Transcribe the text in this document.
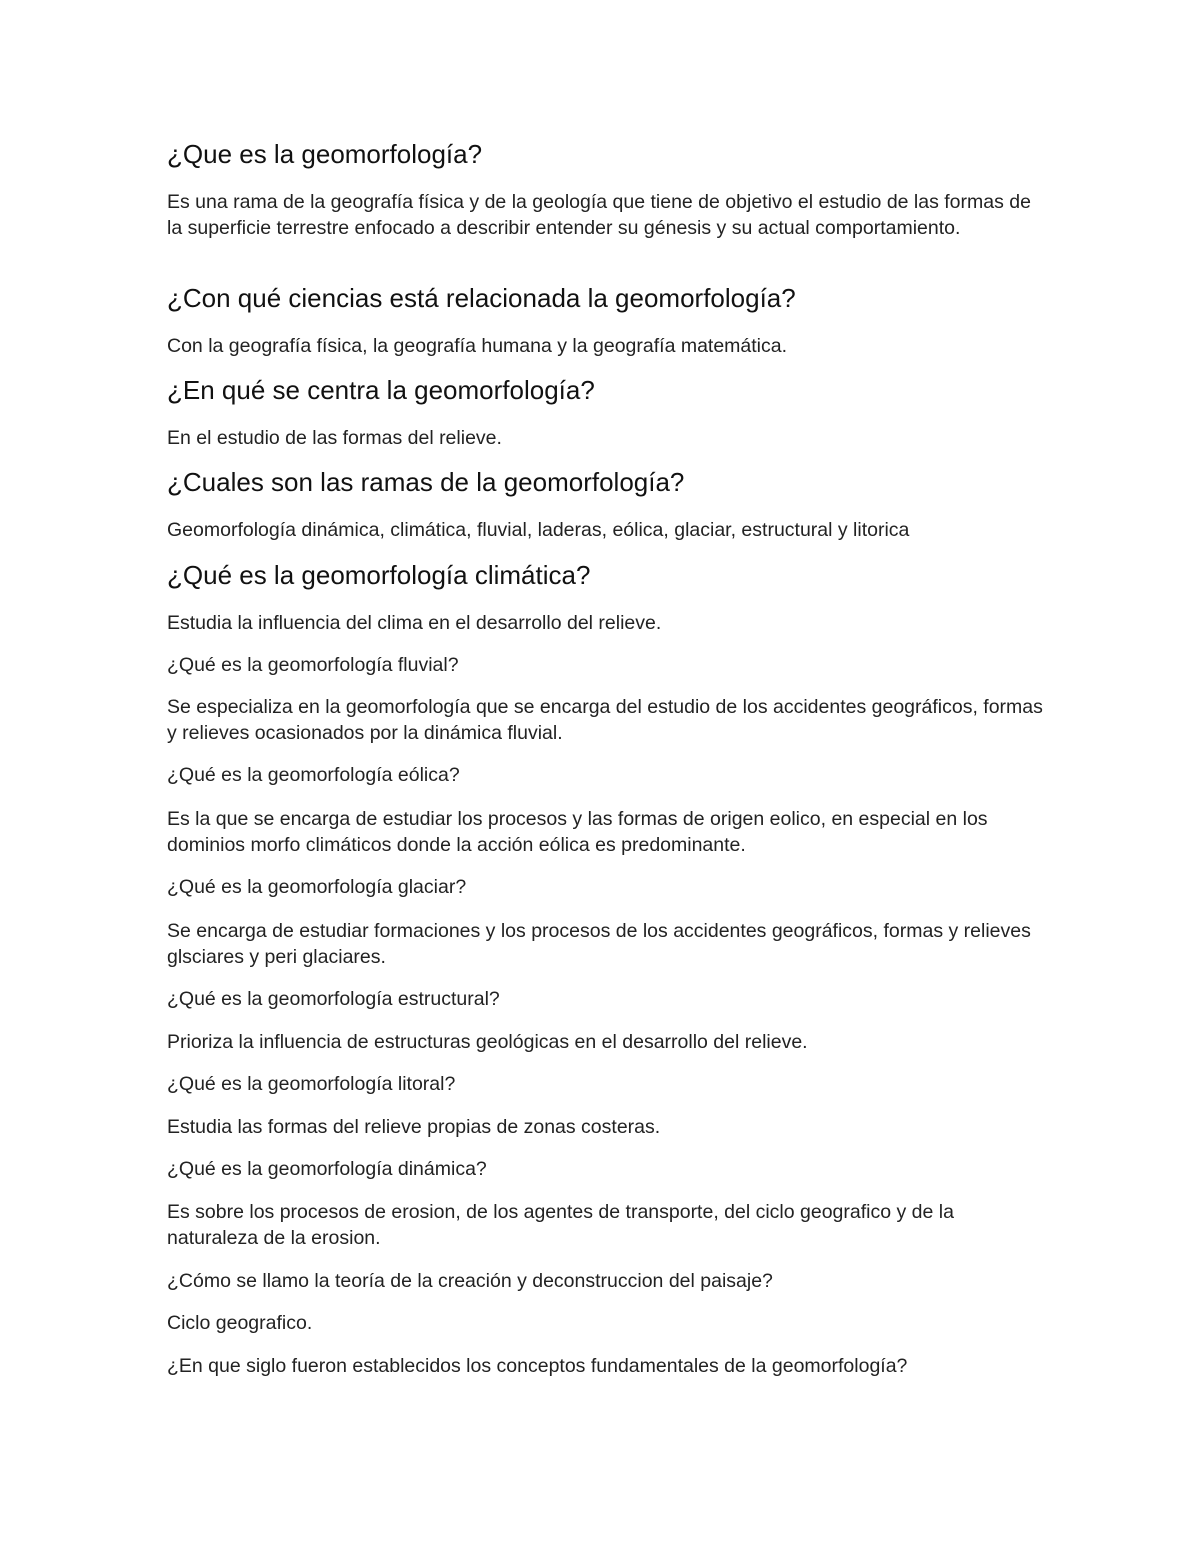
¿Que es la geomorfología?

Es una rama de la geografía física y de la geología que tiene de objetivo el estudio de las formas de la superficie terrestre enfocado a describir entender su génesis y su actual comportamiento.

¿Con qué ciencias está relacionada la geomorfología?

Con la geografía física, la geografía humana y la geografía matemática.

¿En qué se centra la geomorfología?

En el estudio de las formas del relieve.

¿Cuales son las ramas de la geomorfología?

Geomorfología dinámica, climática, fluvial, laderas, eólica, glaciar, estructural y litorica

¿Qué es la geomorfología climática?

Estudia la influencia del clima en el desarrollo del relieve.

¿Qué es la geomorfología fluvial?

Se especializa en la geomorfología que se encarga del estudio de los accidentes geográficos, formas y relieves ocasionados por la dinámica fluvial.

¿Qué es la geomorfología eólica?

Es la que se encarga de estudiar los procesos y las formas de origen eolico, en especial en los dominios morfo climáticos donde la acción eólica es predominante.

¿Qué es la geomorfología glaciar?

Se encarga de estudiar formaciones y los procesos de los accidentes geográficos, formas y relieves glsciares y peri glaciares.

¿Qué es la geomorfología estructural?

Prioriza la influencia de estructuras geológicas en el desarrollo del relieve.

¿Qué es la geomorfología litoral?

Estudia las formas del relieve propias de zonas costeras.

¿Qué es la geomorfología dinámica?

Es sobre los procesos de erosion, de los agentes de transporte, del ciclo geografico y de la naturaleza de la erosion.

¿Cómo se llamo la teoría de la creación y deconstruccion del paisaje?

Ciclo geografico.

¿En que siglo fueron establecidos los conceptos fundamentales de la geomorfología?
